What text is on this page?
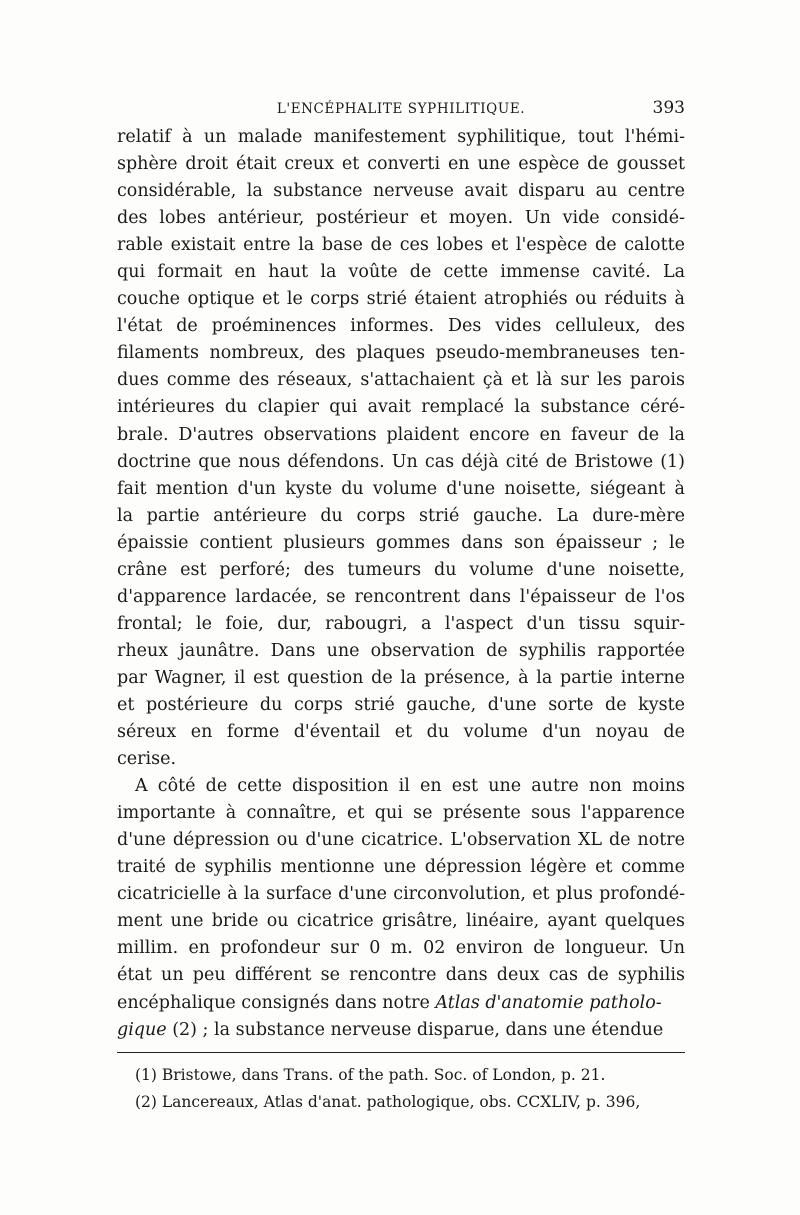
L'ENCÉPHALITE SYPHILITIQUE.	393
relatif à un malade manifestement syphilitique, tout l'hémi-
sphère droit était creux et converti en une espèce de gousset
considérable, la substance nerveuse avait disparu au centre
des lobes antérieur, postérieur et moyen. Un vide considé-
rable existait entre la base de ces lobes et l'espèce de calotte
qui formait en haut la voûte de cette immense cavité. La
couche optique et le corps strié étaient atrophiés ou réduits à
l'état de proéminences informes. Des vides celluleux, des
filaments nombreux, des plaques pseudo-membraneuses ten-
dues comme des réseaux, s'attachaient çà et là sur les parois
intérieures du clapier qui avait remplacé la substance céré-
brale. D'autres observations plaident encore en faveur de la
doctrine que nous défendons. Un cas déjà cité de Bristowe (1)
fait mention d'un kyste du volume d'une noisette, siégeant à
la partie antérieure du corps strié gauche. La dure-mère
épaissie contient plusieurs gommes dans son épaisseur ; le
crâne est perforé; des tumeurs du volume d'une noisette,
d'apparence lardacée, se rencontrent dans l'épaisseur de l'os
frontal; le foie, dur, rabougri, a l'aspect d'un tissu squir-
rheux jaunâtre. Dans une observation de syphilis rapportée
par Wagner, il est question de la présence, à la partie interne
et postérieure du corps strié gauche, d'une sorte de kyste
séreux en forme d'éventail et du volume d'un noyau de
cerise.
A côté de cette disposition il en est une autre non moins
importante à connaître, et qui se présente sous l'apparence
d'une dépression ou d'une cicatrice. L'observation XL de notre
traité de syphilis mentionne une dépression légère et comme
cicatricielle à la surface d'une circonvolution, et plus profondé-
ment une bride ou cicatrice grisâtre, linéaire, ayant quelques
millim. en profondeur sur 0 m. 02 environ de longueur. Un
état un peu différent se rencontre dans deux cas de syphilis
encéphalique consignés dans notre Atlas d'anatomie patholo-
gique (2) ; la substance nerveuse disparue, dans une étendue
(1) Bristowe, dans Trans. of the path. Soc. of London, p. 21.
(2) Lancereaux, Atlas d'anat. pathologique, obs. CCXLIV, p. 396,
